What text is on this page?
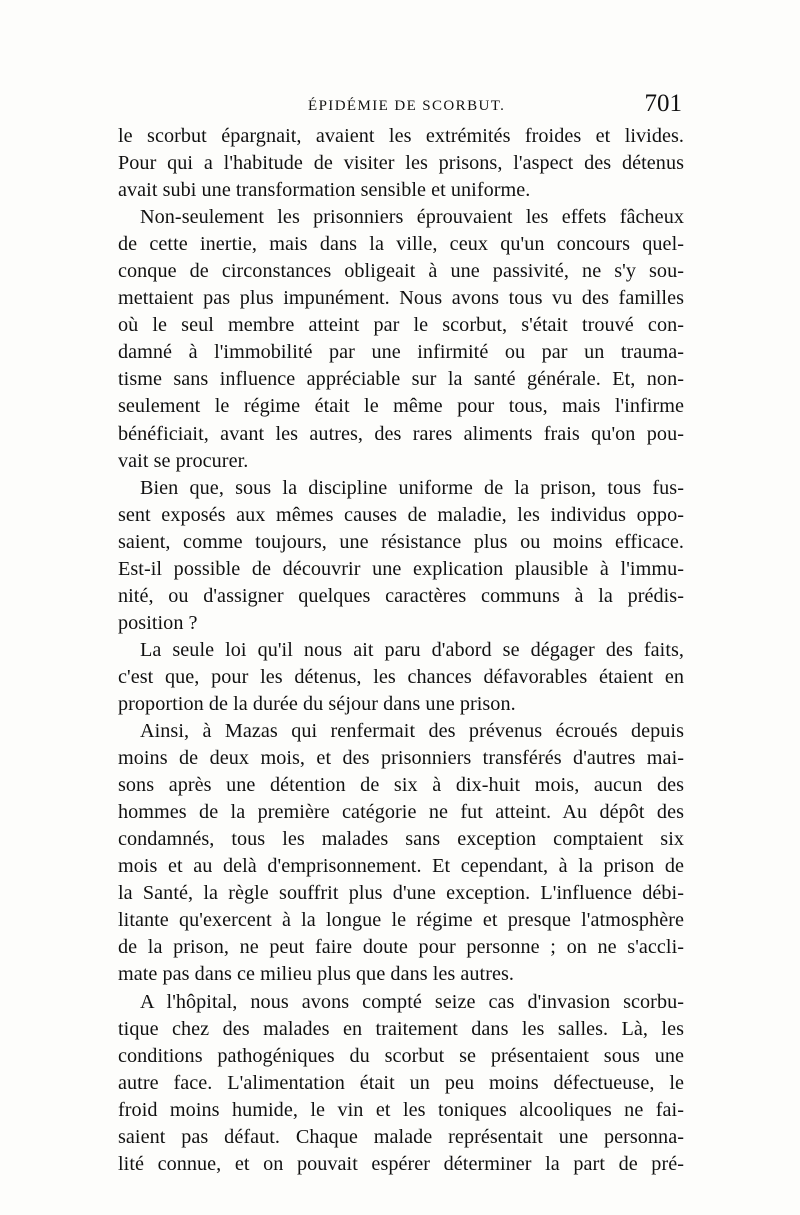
ÉPIDÉMIE DE SCORBUT.	701
le scorbut épargnait, avaient les extrémités froides et livides.
Pour qui a l'habitude de visiter les prisons, l'aspect des détenus
avait subi une transformation sensible et uniforme.
Non-seulement les prisonniers éprouvaient les effets fâcheux
de cette inertie, mais dans la ville, ceux qu'un concours quel-
conque de circonstances obligeait à une passivité, ne s'y sou-
mettaient pas plus impunément. Nous avons tous vu des familles
où le seul membre atteint par le scorbut, s'était trouvé con-
damné à l'immobilité par une infirmité ou par un trauma-
tisme sans influence appréciable sur la santé générale. Et, non-
seulement le régime était le même pour tous, mais l'infirme
bénéficiait, avant les autres, des rares aliments frais qu'on pou-
vait se procurer.
Bien que, sous la discipline uniforme de la prison, tous fus-
sent exposés aux mêmes causes de maladie, les individus oppo-
saient, comme toujours, une résistance plus ou moins efficace.
Est-il possible de découvrir une explication plausible à l'immu-
nité, ou d'assigner quelques caractères communs à la prédis-
position ?
La seule loi qu'il nous ait paru d'abord se dégager des faits,
c'est que, pour les détenus, les chances défavorables étaient en
proportion de la durée du séjour dans une prison.
Ainsi, à Mazas qui renfermait des prévenus écroués depuis
moins de deux mois, et des prisonniers transférés d'autres mai-
sons après une détention de six à dix-huit mois, aucun des
hommes de la première catégorie ne fut atteint. Au dépôt des
condamnés, tous les malades sans exception comptaient six
mois et au delà d'emprisonnement. Et cependant, à la prison de
la Santé, la règle souffrit plus d'une exception. L'influence débi-
litante qu'exercent à la longue le régime et presque l'atmosphère
de la prison, ne peut faire doute pour personne ; on ne s'accli-
mate pas dans ce milieu plus que dans les autres.
A l'hôpital, nous avons compté seize cas d'invasion scorbu-
tique chez des malades en traitement dans les salles. Là, les
conditions pathogéniques du scorbut se présentaient sous une
autre face. L'alimentation était un peu moins défectueuse, le
froid moins humide, le vin et les toniques alcooliques ne fai-
saient pas défaut. Chaque malade représentait une personna-
lité connue, et on pouvait espérer déterminer la part de pré-
